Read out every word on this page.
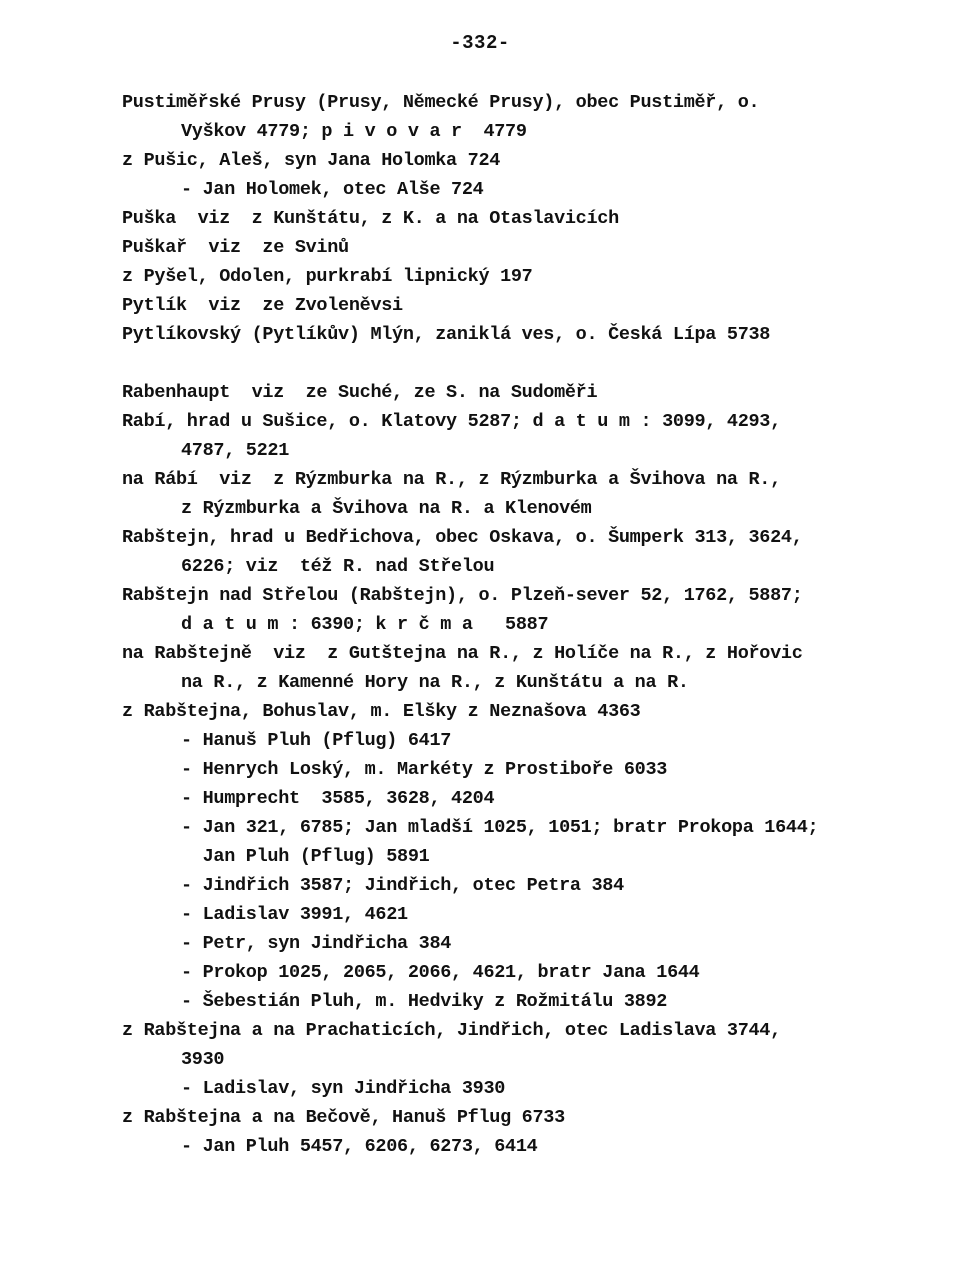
-332-
Pustiměřské Prusy (Prusy, Německé Prusy), obec Pustiměř, o.
Vyškov 4779; p i v o v a r  4779
z Pušic, Aleš, syn Jana Holomka 724
- Jan Holomek, otec Alše 724
Puška  viz  z Kunštátu, z K. a na Otaslavicích
Puškař  viz  ze Svinů
z Pyšel, Odolen, purkrabí lipnický 197
Pytlík  viz  ze Zvoleněvsi
Pytlíkovský (Pytlíkův) Mlýn, zaniklá ves, o. Česká Lípa 5738
Rabenhaupt  viz  ze Suché, ze S. na Sudoměři
Rabí, hrad u Sušice, o. Klatovy 5287; d a t u m : 3099, 4293,
4787, 5221
na Rábí  viz  z Rýzmburka na R., z Rýzmburka a Švihova na R.,
z Rýzmburka a Švihova na R. a Klenovém
Rabštejn, hrad u Bedřichova, obec Oskava, o. Šumperk 313, 3624,
6226; viz  též R. nad Střelou
Rabštejn nad Střelou (Rabštejn), o. Plzeň-sever 52, 1762, 5887;
d a t u m : 6390; k r č m a   5887
na Rabštejně  viz  z Gutštejna na R., z Holíče na R., z Hořovic
na R., z Kamenné Hory na R., z Kunštátu a na R.
z Rabštejna, Bohuslav, m. Elšky z Neznašova 4363
- Hanuš Pluh (Pflug) 6417
- Henrych Loský, m. Markéty z Prostiboře 6033
- Humprecht  3585, 3628, 4204
- Jan 321, 6785; Jan mladší 1025, 1051; bratr Prokopa 1644;
Jan Pluh (Pflug) 5891
- Jindřich 3587; Jindřich, otec Petra 384
- Ladislav 3991, 4621
- Petr, syn Jindřicha 384
- Prokop 1025, 2065, 2066, 4621, bratr Jana 1644
- Šebestián Pluh, m. Hedviky z Rožmitálu 3892
z Rabštejna a na Prachaticích, Jindřich, otec Ladislava 3744,
3930
- Ladislav, syn Jindřicha 3930
z Rabštejna a na Bečově, Hanuš Pflug 6733
- Jan Pluh 5457, 6206, 6273, 6414
